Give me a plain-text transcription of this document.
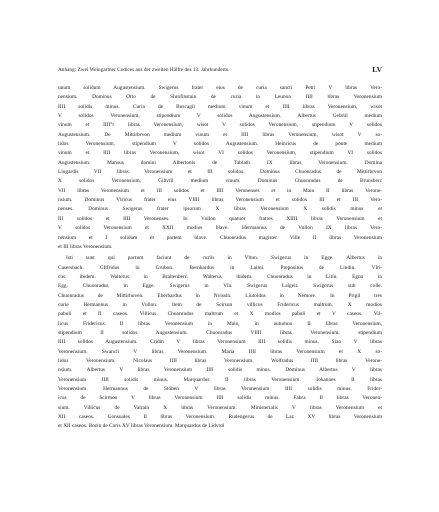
Anhang: Zwei Weingartner Codices aus der zweiten Hälfte des 13. Jahrhunderts.	LV
unum solidum Augustensium. Swigerus frater eius de curia sancti Petri V libras Vero-
nensium. Dominus Otto de Shrofinstain de curia in Leunon IIII libras Veronensium
IIII solidis minus. Curia de Buscagil medium vinum et IIII libras Veronensium, wisot
V solidos Veronensium, stipendium V solidos Augustensium. Albertus Gebriil medium
vinum et IIII°r libras Veronensium, wisot V solidos Veronensium, stipendium V solidos
Augustensium. De Mittirbrvon medium vinum et IIII libras Veronensium, wisot V so-
lidos Veronensium, stipendium V solidos Augustensium. Heinricus de ponte medium
vinum et IIII libras Veronensium, wisot VI solidos Veronensium, stipendium VI solidos
Augustensium. Mansus domini Albertonis de Tablath IX libras Veronensium. Domina
Liugardis VII libras Veronensium et III solidos. Dominus Chuonradus de Mittirbrvon
X solidos Veronensium. Gibvtil medium vinum. Dominus Chuonradus de Brunsberc
VII libras Veronensium et III solidos et IIII Veronenses et in Maio II libras Verone-
nsium. Dominus Vlricus frater eius VIIII libras Veronensium et solidos III et III Vero-
nenses. Dominus Swigerus frater ipsorum X libras Veronensium X solidis minus et
III solidos et IIII Veronenses. In Vullon quatuor fratres XIIII libras Veronensium et
V solidos Veronensium et XXII modios blave. Hermannus de Vullon IX libras Vero-
nensium et I solidum et partem blave. Chuonradus magister Ville II libras Veronensium
et III libras Veronensium.
Isti sunt qui pactum faciunt de curiis in Vltun. Swigerus in Egge. Albertus in
Casersbach. Gftfridus in Grubon. Bernhardus in Laimi. Prepositus de Lindin. Vlri-
cus ibidem. Walterus in Braitenberc. Walterus ibidem. Chuonradus in Litin. Egno in
Egg. Chuonradus in Egge. Swigerus in Vla. Swigerus Laigeir. Swigerus sub colle.
Chuonradus de Mittirhoven. Eberhardus in Nvissin. Liutoldus in Nemore. In Prigil tres
curie Hermannus in Vullon. Item de Scirsun villicus Fridericus maltrum, X modios
pabuli et II caseos. Villicus Chuonradus maltrum et X modios pabuli et V caseos. Vil-
licus Fridericus II libras Veronensium in Maio, in autumno II libras Veronensium,
stipendium II solidos Augustensium. Chuonradus VIIII libras Veronensium, stipendium
IIII solidos Augustensium. Cridin V libras Veronensium IIII solidis minus. Siao V libras
Veronensium. Swancli V libras Veronensium. Maria IIII libras Veronensium et X so-
lidos Veronensium. Nicolaus IIII libras Veronensium. Wolfradus IIII libras Verone-
nsium. Albertus V libras Veronensium IIII solidis minus. Dominus Albertus V libras
Veronensium IIII solidis minus. Marquardus II libras Veronensium. Iohannes II libras
Veronensium. Hermannus de Stöben V libras Veronensium IIII solidis minus. Frider-
icus de Scirmon V libras Veronensium IIII solidis minus. Fabra II libras Veronen-
sium. Villicus de Valrain X libras Veronensium. Ministerialis V libras Veronensium et
XII caseos. Gonsuales II libras Veronensium. Rudengerus de Laz XV libras Veronensium
et XII caseos. Bozin de Coris XV libras Veronensium. Marquardus de Lidvrol
